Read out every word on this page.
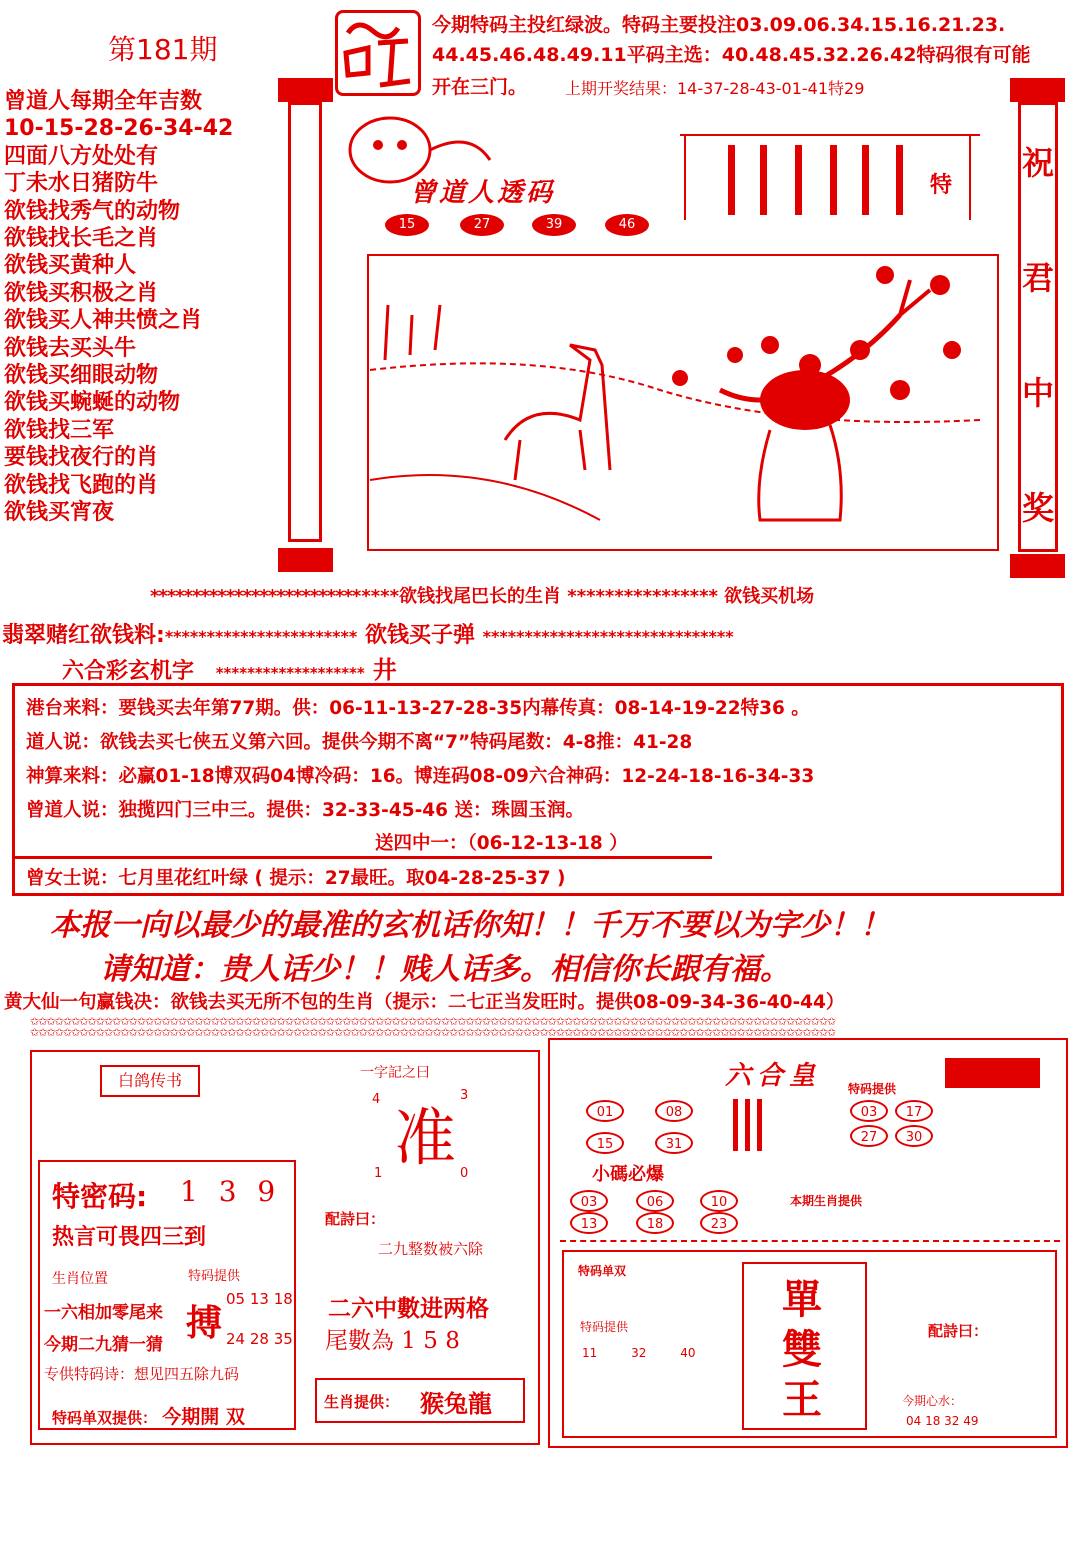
第181期
今期特码主投红绿波。特码主要投注03.09.06.34.15.16.21.23.
44.45.46.48.49.11平码主选：40.48.45.32.26.42特码很有可能
开在三门。 上期开奖结果：14-37-28-43-01-41特29
曾道人每期全年吉数
10-15-28-26-34-42
四面八方处处有
丁未水日猪防牛
欲钱找秀气的动物
欲钱找长毛之肖
欲钱买黄种人
欲钱买积极之肖
欲钱买人神共愤之肖
欲钱去买头牛
欲钱买细眼动物
欲钱买蜿蜒的动物
欲钱找三军
要钱找夜行的肖
欲钱找飞跑的肖
欲钱买宵夜
曾道人透码
15	27	39	46
特
祝
君
中
奖
*****************************欲钱找尾巴长的生肖 **************** 欲钱买机场
翡翠赌红欲钱料:*********************** 欲钱买子弹 ******************************
六合彩玄机字 ******************* 井
港台来料：要钱买去年第77期。供：06-11-13-27-28-35内幕传真：08-14-19-22特36 。
道人说：欲钱去买七侠五义第六回。提供今期不离“7”特码尾数：4-8推：41-28
神算来料：必赢01-18博双码04博冷码：16。博连码08-09六合神码：12-24-18-16-34-33
曾道人说：独揽四门三中三。提供：32-33-45-46 送：珠圆玉润。
送四中一：（06-12-13-18 ）
曾女士说：七月里花红叶绿 ( 提示：27最旺。取04-28-25-37 )
本报一向以最少的最准的玄机话你知！！千万不要以为字少！！
请知道：贵人话少！！贱人话多。相信你长跟有福。
黄大仙一句赢钱决：欲钱去买无所不包的生肖（提示：二七正当发旺时。提供08-09-34-36-40-44）
✩✩✩✩✩✩✩✩✩✩✩✩✩✩✩✩✩✩✩✩✩✩✩✩✩✩✩✩✩✩✩✩✩✩✩✩✩✩✩✩✩✩✩✩✩✩✩✩✩✩✩✩✩✩✩✩✩✩✩✩✩✩✩✩✩✩✩✩✩✩✩✩✩✩✩✩✩✩✩✩✩✩✩✩✩✩✩✩✩✩✩✩✩✩✩✩✩✩
✩✩✩✩✩✩✩✩✩✩✩✩✩✩✩✩✩✩✩✩✩✩✩✩✩✩✩✩✩✩✩✩✩✩✩✩✩✩✩✩✩✩✩✩✩✩✩✩✩✩✩✩✩✩✩✩✩✩✩✩✩✩✩✩✩✩✩✩✩✩✩✩✩✩✩✩✩✩✩✩✩✩✩✩✩✩✩✩✩✩✩✩✩✩✩✩✩✩
白鸽传书
特密码: 1 3 9
热言可畏四三到
生肖位置
一六相加零尾来
今期二九猜一猜
特码提供
搏
05 13 18
24 28 35
专供特码诗：想见四五除九码
特码单双提供： 今期開 双
一字記之曰
准
4	3
1	0
配詩曰：
二九整数被六除
二六中數进两格
尾數為 1 5 8
生肖提供： 猴兔龍
六合皇
01	08
15	31
特码提供
03	17
27	30
小碼必爆
03	06	10
13	18	23
本期生肖提供
特码单双
單
雙
王
特码提供
11	32	40
配詩曰：
今期心水：
04 18 32 49
